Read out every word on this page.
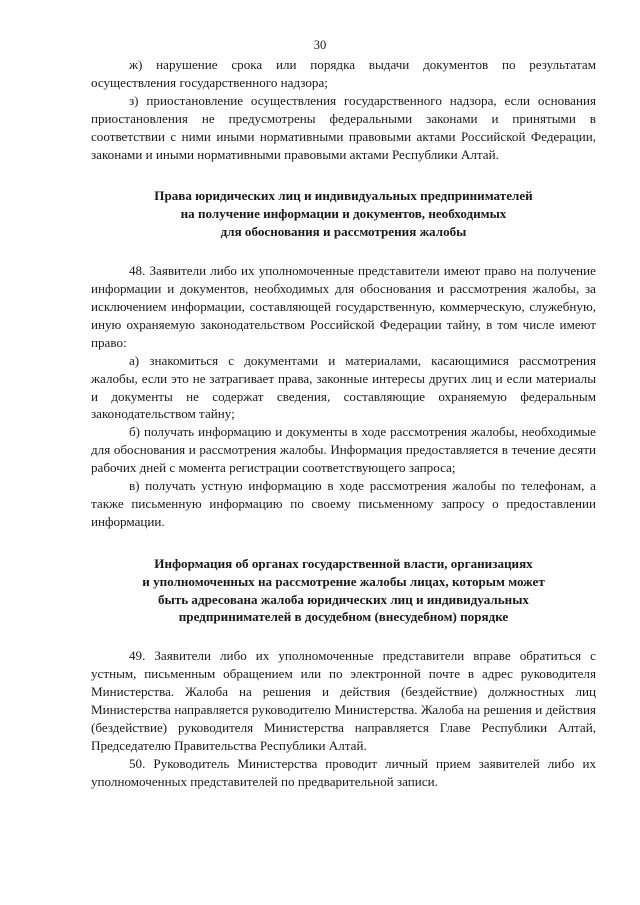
30

ж) нарушение срока или порядка выдачи документов по результатам осуществления государственного надзора;

з) приостановление осуществления государственного надзора, если основания приостановления не предусмотрены федеральными законами и принятыми в соответствии с ними иными нормативными правовыми актами Российской Федерации, законами и иными нормативными правовыми актами Республики Алтай.

Права юридических лиц и индивидуальных предпринимателей
на получение информации и документов, необходимых
для обоснования и рассмотрения жалобы

48. Заявители либо их уполномоченные представители имеют право на получение информации и документов, необходимых для обоснования и рассмотрения жалобы, за исключением информации, составляющей государственную, коммерческую, служебную, иную охраняемую законодательством Российской Федерации тайну, в том числе имеют право:

а) знакомиться с документами и материалами, касающимися рассмотрения жалобы, если это не затрагивает права, законные интересы других лиц и если материалы и документы не содержат сведения, составляющие охраняемую федеральным законодательством тайну;

б) получать информацию и документы в ходе рассмотрения жалобы, необходимые для обоснования и рассмотрения жалобы. Информация предоставляется в течение десяти рабочих дней с момента регистрации соответствующего запроса;

в) получать устную информацию в ходе рассмотрения жалобы по телефонам, а также письменную информацию по своему письменному запросу о предоставлении информации.

Информация об органах государственной власти, организациях
и уполномоченных на рассмотрение жалобы лицах, которым может
быть адресована жалоба юридических лиц и индивидуальных
предпринимателей в досудебном (внесудебном) порядке

49. Заявители либо их уполномоченные представители вправе обратиться с устным, письменным обращением или по электронной почте в адрес руководителя Министерства. Жалоба на решения и действия (бездействие) должностных лиц Министерства направляется руководителю Министерства. Жалоба на решения и действия (бездействие) руководителя Министерства направляется Главе Республики Алтай, Председателю Правительства Республики Алтай.

50. Руководитель Министерства проводит личный прием заявителей либо их уполномоченных представителей по предварительной записи.
